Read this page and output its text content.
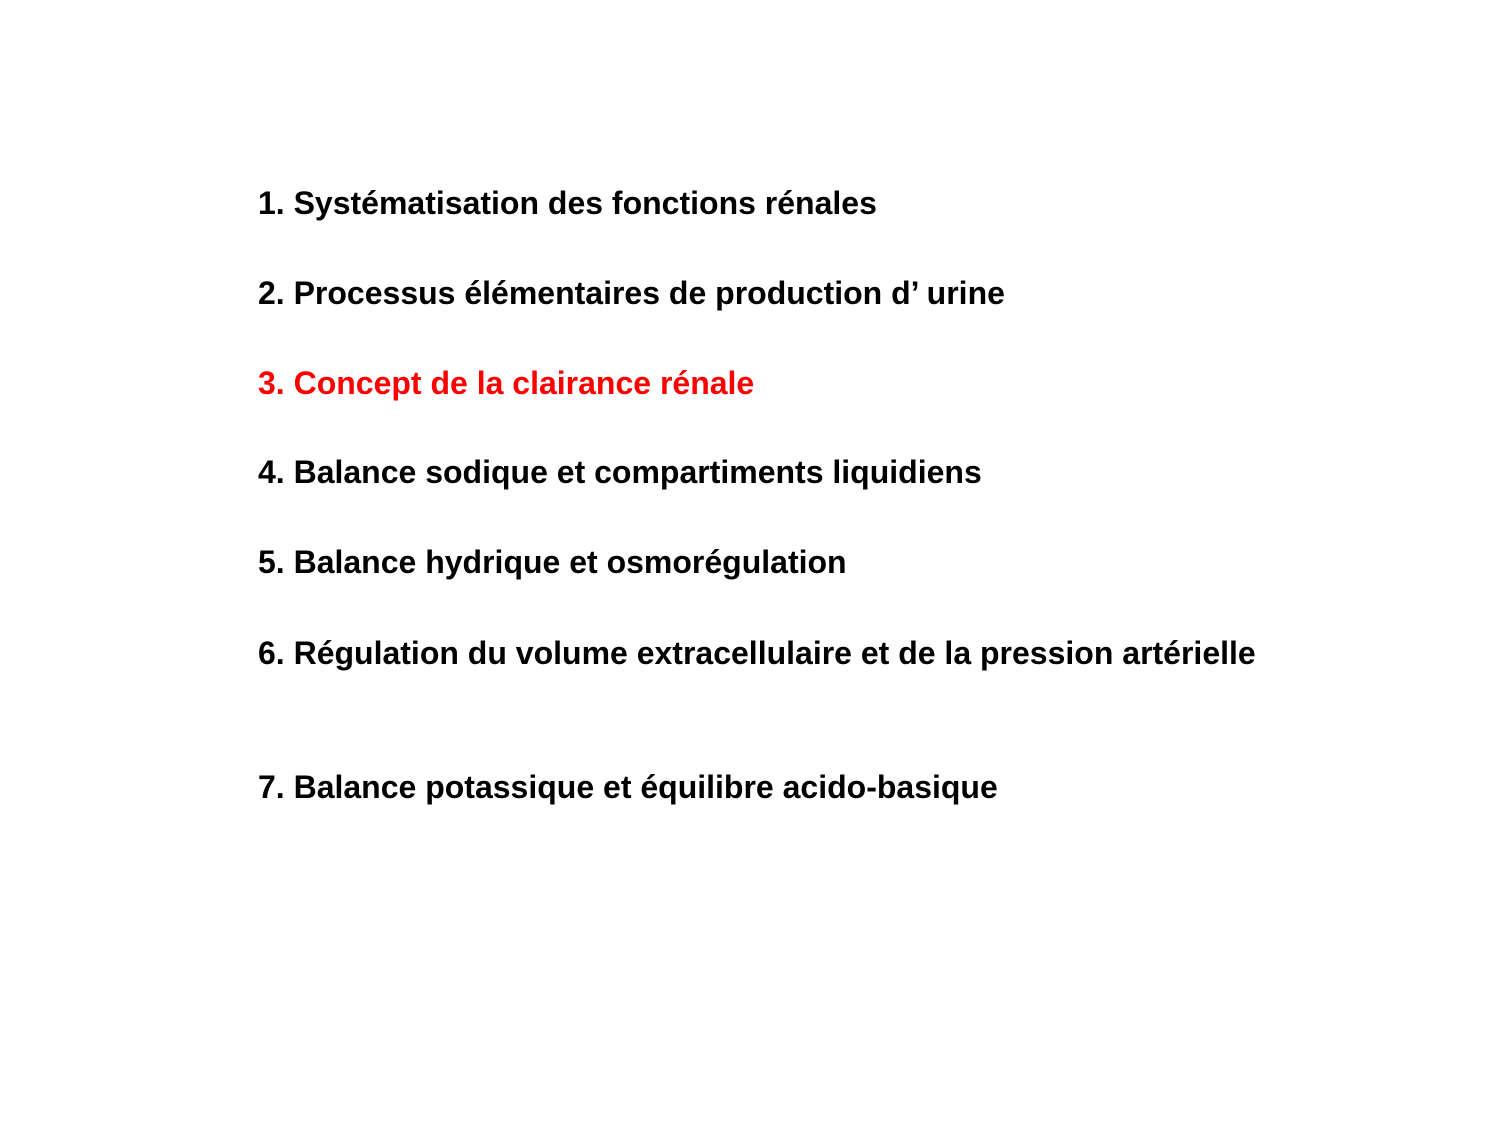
1. Systématisation des fonctions rénales
2. Processus élémentaires de production d’ urine
3. Concept de la clairance rénale
4. Balance sodique et compartiments liquidiens
5. Balance hydrique et osmorégulation
6. Régulation du volume extracellulaire et de la pression artérielle
7. Balance potassique et équilibre acido-basique
